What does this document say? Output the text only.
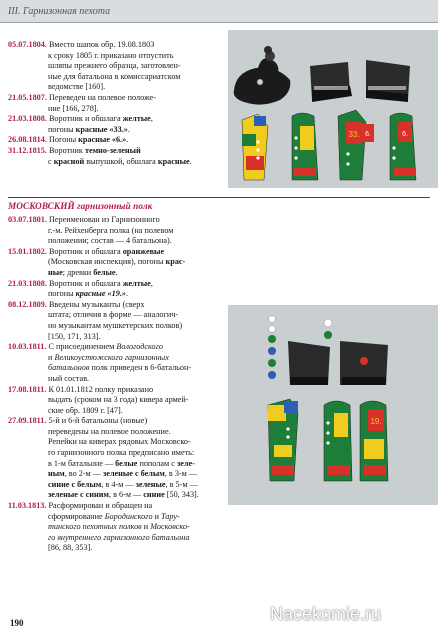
III. Гарнизонная пехота
05.07.1804. Вместо шапок обр. 19.08.1803
к сроку 1805 г. приказано отпустить
шляпы прежнего образца, заготовлен-
ные для батальона в комиссариатском
ведомстве [160].
21.05.1807. Переведен на полевое положе-
ние [166, 278].
21.03.1808. Воротник и обшлага желтые,
погоны красные «33.».
26.08.1814. Погоны красные «6.».
31.12.1815. Воротник темно-зеленый
с красной выпушкой, обшлага красные.
33. 6.	6.
МОСКОВСКИЙ гарнизонный полк
03.07.1801. Переименован из Гарнизонного
г.-м. Рейхенберга полка (на полевом
положении; состав — 4 батальона).
15.01.1802. Воротник и обшлага оранжевые
(Московская инспекция), погоны крас-
ные; древки белые.
21.03.1808. Воротник и обшлага желтые,
погоны красные «19.».
08.12.1809. Введены музыканты (сверх
штата; отличия в форме — аналогич-
но музыкантам мушкетерских полков)
[150, 171, 313].
10.03.1811. С присоединением Вологодского
и Великоустюжского гарнизонных
батальонов полк приведен в 6-батальон-
ный состав.
17.08.1811. К 01.01.1812 полку приказано
выдать (сроком на 3 года) кивера армей-
ские обр. 1809 г. [47].
27.09.1811. 5-й и 6-й батальоны (новые)
переведены на полевое положение.
Репейки на киверах рядовых Московско-
го гарнизонного полка предписано иметь:
в 1-м батальоне — белые пополам с зеле-
ным, во 2-м — зеленые с белым, в 3-м —
синие с белым, в 4-м — зеленые, в 5-м —
зеленые с синим, в 6-м — синие [50, 343].
11.03.1813. Расформирован и обращен на
сформирование Бородинского и Тару-
тинского пехотных полков и Московско-
го внутреннего гарнизонного батальона
[86, 88, 353].
19.
190	Nacekomie.ru
